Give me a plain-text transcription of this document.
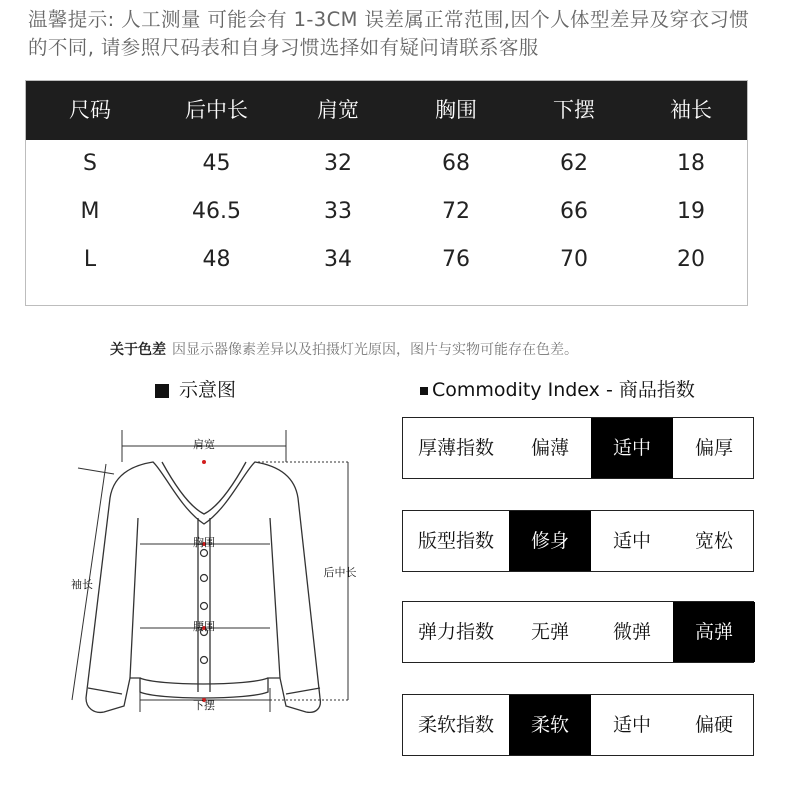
温馨提示: 人工测量 可能会有 1-3CM 误差属正常范围,因个人体型差异及穿衣习惯的不同, 请参照尺码表和自身习惯选择如有疑问请联系客服
尺码	后中长	肩宽	胸围	下摆	袖长
S	45	32	68	62	18
M	46.5	33	72	66	19
L	48	34	76	70	20
关于色差 因显示器像素差异以及拍摄灯光原因，图片与实物可能存在色差。
示意图	Commodity Index - 商品指数
肩宽
胸围
腰围
下摆
袖长
后中长
厚薄指数	偏薄	适中	偏厚
版型指数	修身	适中	宽松
弹力指数	无弹	微弹	高弹
柔软指数	柔软	适中	偏硬
